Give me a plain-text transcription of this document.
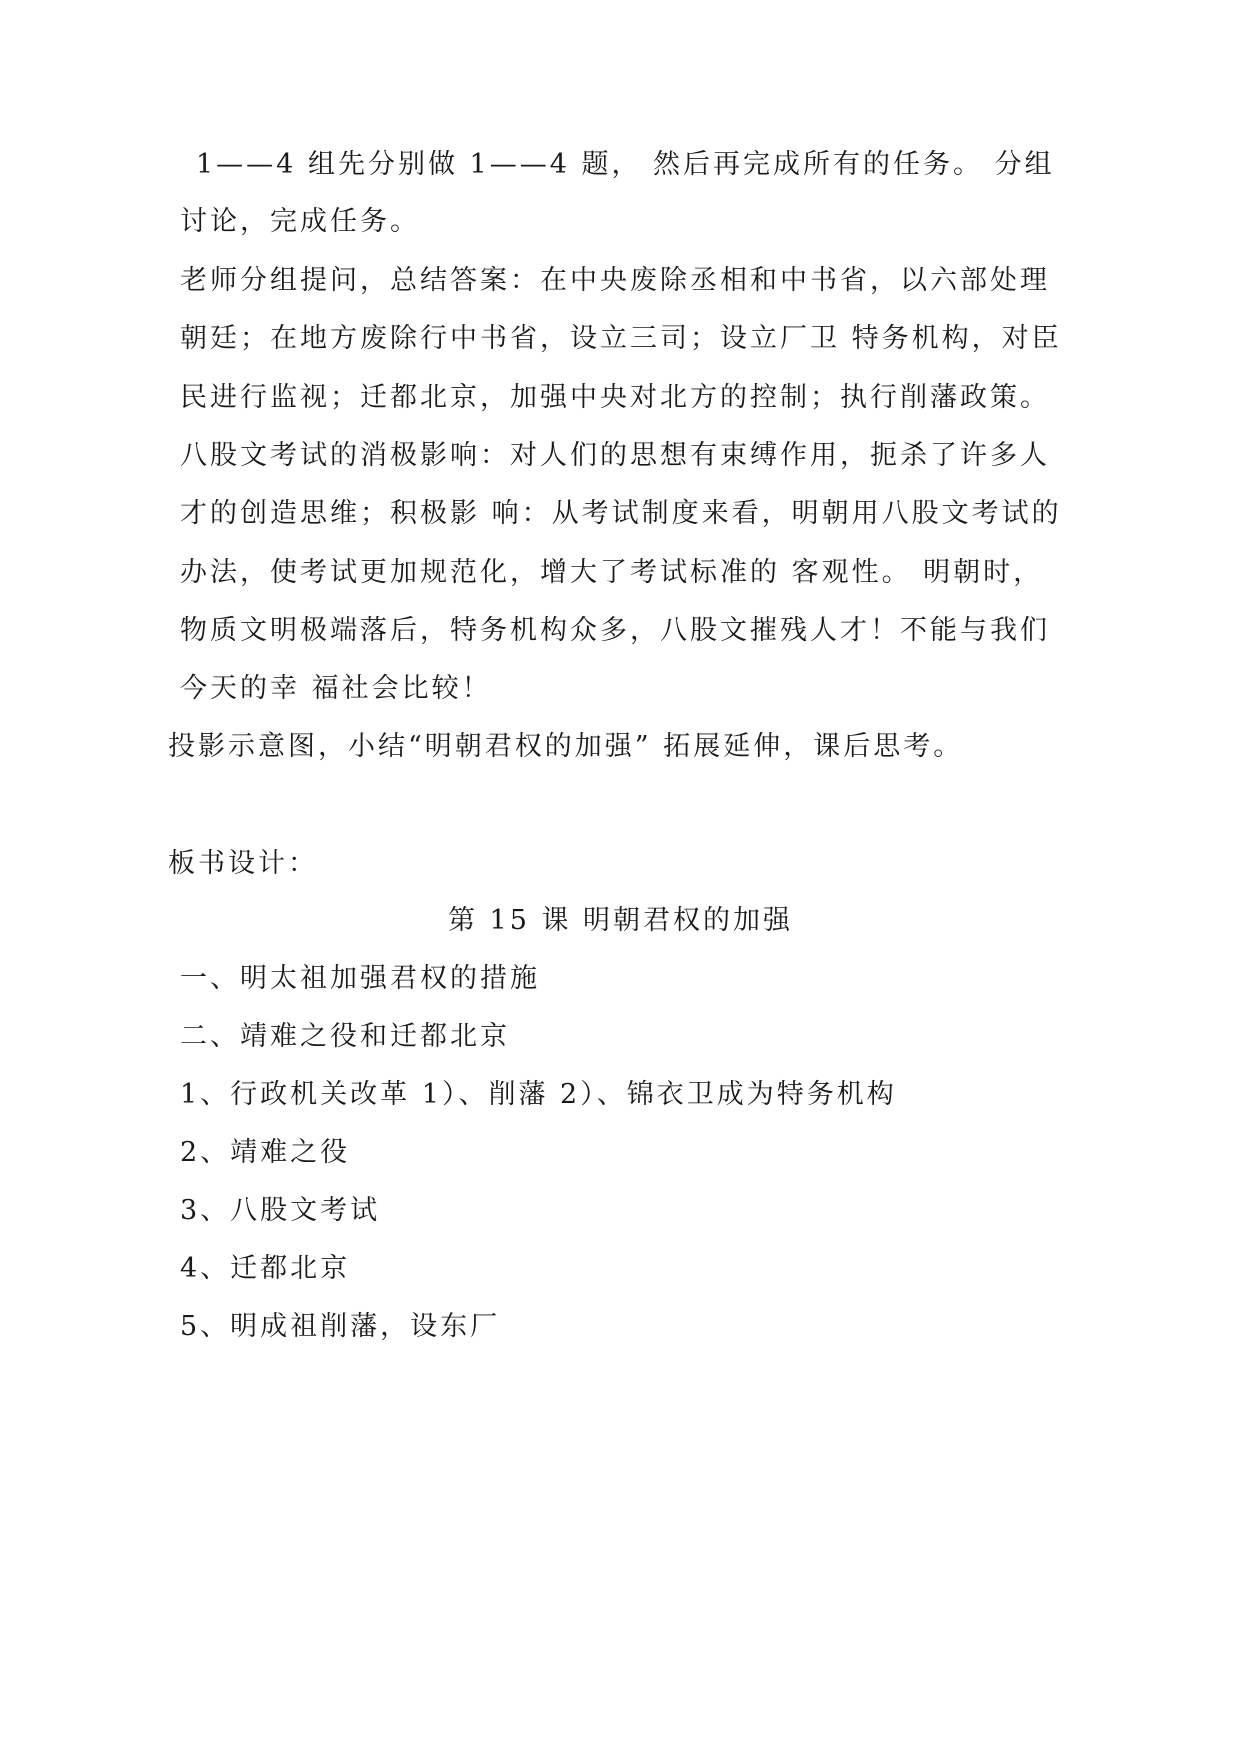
1——4 组先分别做 1——4 题， 然后再完成所有的任务。 分组
讨论，完成任务。
老师分组提问，总结答案：在中央废除丞相和中书省，以六部处理
朝廷；在地方废除行中书省，设立三司；设立厂卫 特务机构，对臣
民进行监视；迁都北京，加强中央对北方的控制；执行削藩政策。
八股文考试的消极影响：对人们的思想有束缚作用，扼杀了许多人
才的创造思维；积极影 响：从考试制度来看，明朝用八股文考试的
办法，使考试更加规范化，增大了考试标准的 客观性。 明朝时，
物质文明极端落后，特务机构众多，八股文摧残人才！不能与我们
今天的幸 福社会比较！
投影示意图，小结“明朝君权的加强” 拓展延伸，课后思考。
板书设计：
第 15 课 明朝君权的加强
一、明太祖加强君权的措施
二、靖难之役和迁都北京
1、行政机关改革 1）、削藩 2）、锦衣卫成为特务机构
2、靖难之役
3、八股文考试
4、迁都北京
5、明成祖削藩，设东厂
